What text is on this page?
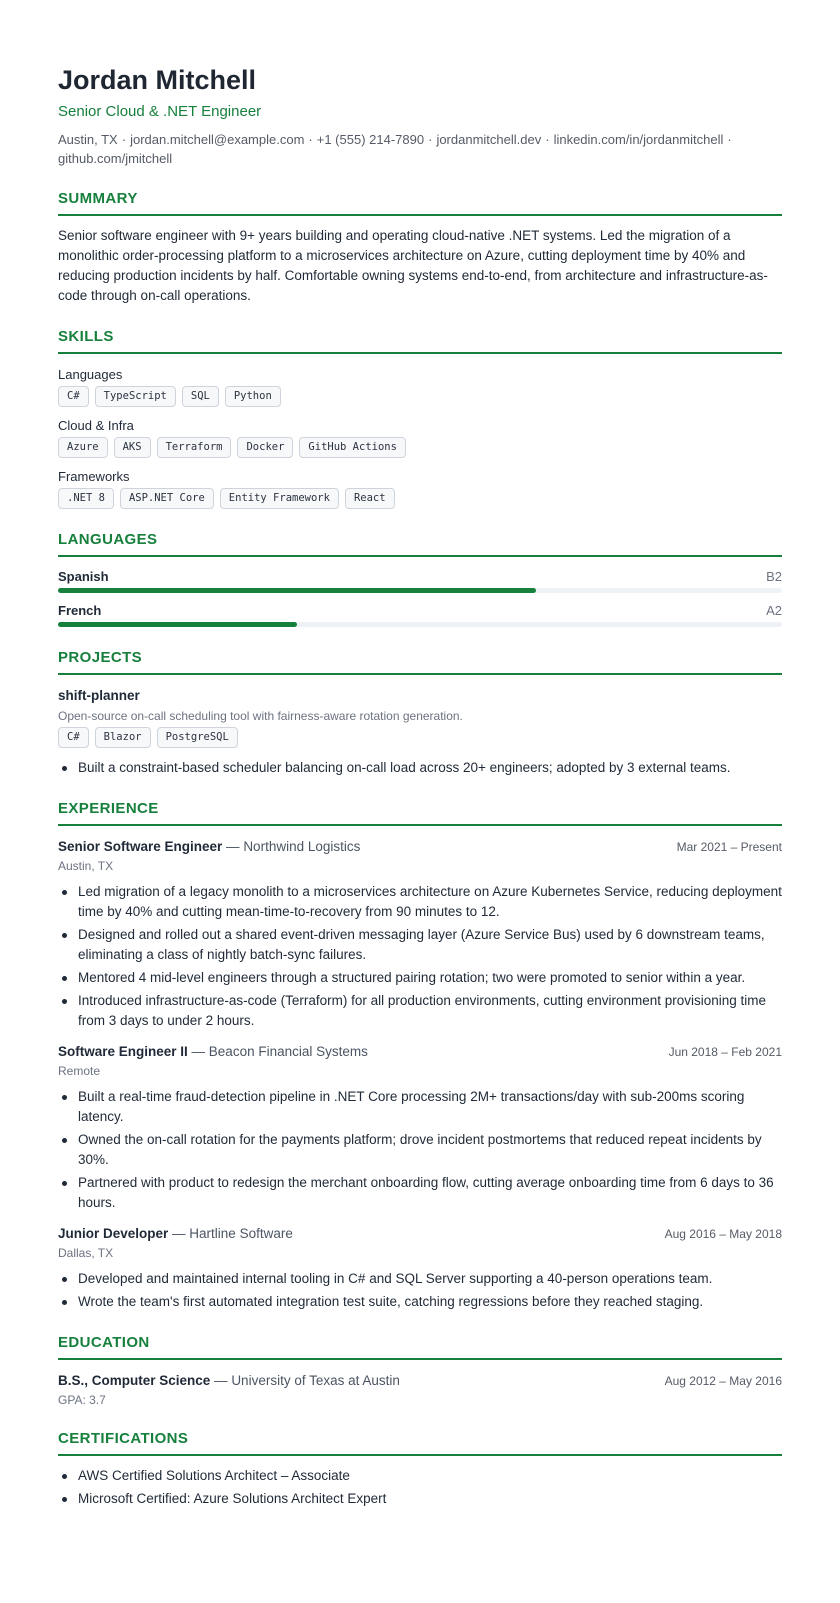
Jordan Mitchell
Senior Cloud & .NET Engineer
Austin, TX · jordan.mitchell@example.com · +1 (555) 214-7890 · jordanmitchell.dev · linkedin.com/in/jordanmitchell ·
github.com/jmitchell
SUMMARY

Senior software engineer with 9+ years building and operating cloud-native .NET systems. Led the migration of a monolithic order-processing platform to a microservices architecture on Azure, cutting deployment time by 40% and reducing production incidents by half. Comfortable owning systems end-to-end, from architecture and infrastructure-as-code through on-call operations.

SKILLS
Languages
C#	TypeScript	SQL	Python
Cloud & Infra
Azure	AKS	Terraform	Docker	GitHub Actions
Frameworks
.NET 8	ASP.NET Core	Entity Framework	React
LANGUAGES
Spanish	B2
French	A2
PROJECTS
shift-planner
Open-source on-call scheduling tool with fairness-aware rotation generation.
C#	Blazor	PostgreSQL
Built a constraint-based scheduler balancing on-call load across 20+ engineers; adopted by 3 external teams.
EXPERIENCE
Senior Software Engineer — Northwind Logistics	Mar 2021 – Present
Austin, TX
Led migration of a legacy monolith to a microservices architecture on Azure Kubernetes Service, reducing deployment time by 40% and cutting mean-time-to-recovery from 90 minutes to 12.
Designed and rolled out a shared event-driven messaging layer (Azure Service Bus) used by 6 downstream teams, eliminating a class of nightly batch-sync failures.
Mentored 4 mid-level engineers through a structured pairing rotation; two were promoted to senior within a year.
Introduced infrastructure-as-code (Terraform) for all production environments, cutting environment provisioning time from 3 days to under 2 hours.
Software Engineer II — Beacon Financial Systems	Jun 2018 – Feb 2021
Remote
Built a real-time fraud-detection pipeline in .NET Core processing 2M+ transactions/day with sub-200ms scoring latency.
Owned the on-call rotation for the payments platform; drove incident postmortems that reduced repeat incidents by 30%.
Partnered with product to redesign the merchant onboarding flow, cutting average onboarding time from 6 days to 36 hours.
Junior Developer — Hartline Software	Aug 2016 – May 2018
Dallas, TX
Developed and maintained internal tooling in C# and SQL Server supporting a 40-person operations team.
Wrote the team's first automated integration test suite, catching regressions before they reached staging.
EDUCATION
B.S., Computer Science — University of Texas at Austin	Aug 2012 – May 2016
GPA: 3.7
CERTIFICATIONS
AWS Certified Solutions Architect – Associate
Microsoft Certified: Azure Solutions Architect Expert
